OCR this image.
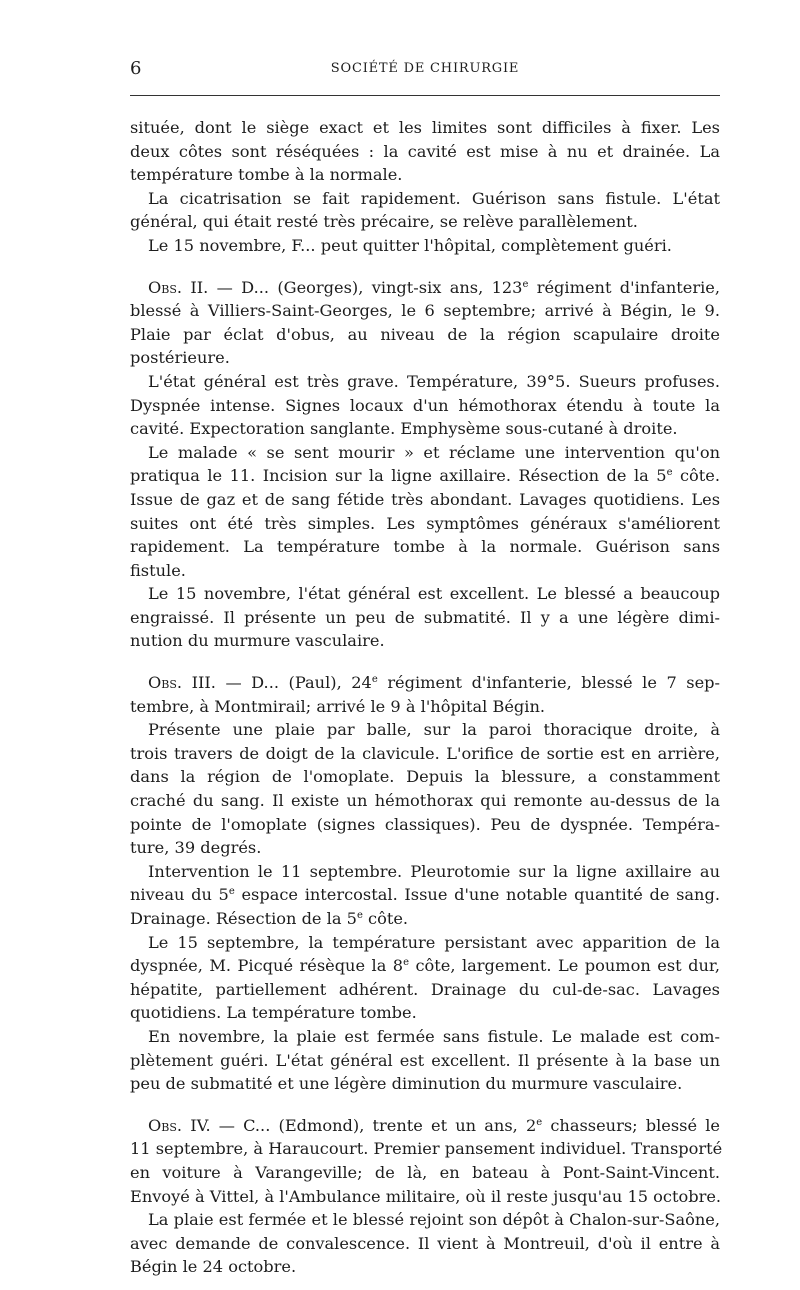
6	SOCIÉTÉ DE CHIRURGIE
située, dont le siège exact et les limites sont difficiles à fixer. Les
deux côtes sont réséquées : la cavité est mise à nu et drainée. La
température tombe à la normale.
La cicatrisation se fait rapidement. Guérison sans fistule. L'état
général, qui était resté très précaire, se relève parallèlement.
Le 15 novembre, F... peut quitter l'hôpital, complètement guéri.
Obs. II. — D... (Georges), vingt-six ans, 123e régiment d'infanterie,
blessé à Villiers-Saint-Georges, le 6 septembre; arrivé à Bégin, le 9.
Plaie par éclat d'obus, au niveau de la région scapulaire droite
postérieure.
L'état général est très grave. Température, 39°5. Sueurs profuses.
Dyspnée intense. Signes locaux d'un hémothorax étendu à toute la
cavité. Expectoration sanglante. Emphysème sous-cutané à droite.
Le malade « se sent mourir » et réclame une intervention qu'on
pratiqua le 11. Incision sur la ligne axillaire. Résection de la 5e côte.
Issue de gaz et de sang fétide très abondant. Lavages quotidiens. Les
suites ont été très simples. Les symptômes généraux s'améliorent
rapidement. La température tombe à la normale. Guérison sans
fistule.
Le 15 novembre, l'état général est excellent. Le blessé a beaucoup
engraissé. Il présente un peu de submatité. Il y a une légère dimi-
nution du murmure vasculaire.
Obs. III. — D... (Paul), 24e régiment d'infanterie, blessé le 7 sep-
tembre, à Montmirail; arrivé le 9 à l'hôpital Bégin.
Présente une plaie par balle, sur la paroi thoracique droite, à
trois travers de doigt de la clavicule. L'orifice de sortie est en arrière,
dans la région de l'omoplate. Depuis la blessure, a constamment
craché du sang. Il existe un hémothorax qui remonte au-dessus de la
pointe de l'omoplate (signes classiques). Peu de dyspnée. Tempéra-
ture, 39 degrés.
Intervention le 11 septembre. Pleurotomie sur la ligne axillaire au
niveau du 5e espace intercostal. Issue d'une notable quantité de sang.
Drainage. Résection de la 5e côte.
Le 15 septembre, la température persistant avec apparition de la
dyspnée, M. Picqué résèque la 8e côte, largement. Le poumon est dur,
hépatite, partiellement adhérent. Drainage du cul-de-sac. Lavages
quotidiens. La température tombe.
En novembre, la plaie est fermée sans fistule. Le malade est com-
plètement guéri. L'état général est excellent. Il présente à la base un
peu de submatité et une légère diminution du murmure vasculaire.
Obs. IV. — C... (Edmond), trente et un ans, 2e chasseurs; blessé le
11 septembre, à Haraucourt. Premier pansement individuel. Transporté
en voiture à Varangeville; de là, en bateau à Pont-Saint-Vincent.
Envoyé à Vittel, à l'Ambulance militaire, où il reste jusqu'au 15 octobre.
La plaie est fermée et le blessé rejoint son dépôt à Chalon-sur-Saône,
avec demande de convalescence. Il vient à Montreuil, d'où il entre à
Bégin le 24 octobre.
